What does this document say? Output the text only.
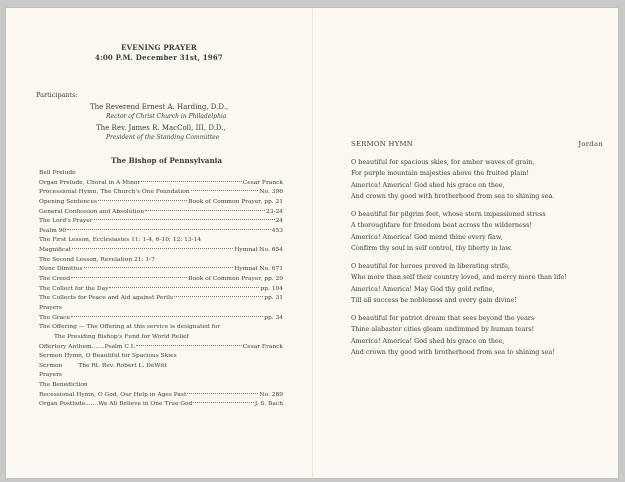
EVENING PRAYER
4:00 P.M. December 31st, 1967
Participants:
The Reverend Ernest A. Harding, D.D.,
Rector of Christ Church in Philadelphia
The Rev. James R. MacColl, III, D.D.,
President of the Standing Committee
The Bishop of Pennsylvania
Bell Prelude
Organ Prelude, Choral in A Minor	Cesar Franck
Processional Hymn, The Church's One Foundation	No. 396
Opening Sentences	Book of Common Prayer, pp. 21
General Confession and Absolution	23-24
The Lord's Prayer	24
Psalm 90	453
The First Lesson, Ecclesiastes 11: 1-4, 6-10; 12: 13-14
Magnificat	Hymnal No. 654
The Second Lesson, Revelation 21: 1-7
Nunc Dimittus	Hymnal No. 671
The Creed	Book of Common Prayer, pp. 29
The Collect for the Day	pp. 104
The Collects for Peace and Aid against Perils	pp. 31
Prayers
The Grace	pp. 34
The Offering — The Offering at this service is designated for
The Presiding Bishop's Fund for World Relief
Offertory Anthem.......Psalm C L	Cesar Franck
Sermon Hymn, O Beautiful for Spacious Skies
Sermon	The Rt. Rev. Robert L. DeWitt
Prayers
The Benediction
Recessional Hymn, O God, Our Help in Ages Past	No. 289
Organ Postlude.......We All Believe in One True God	J. S. Bach
SERMON HYMN	Jordan
O beautiful for spacious skies, for amber waves of grain,
For purple mountain majesties above the fruited plain!
America! America! God shed his grace on thee,
And crown thy good with brotherhood from sea to shining sea.
O beautiful for pilgrim feet, whose stern impassioned stress
A thoroughfare for freedom beat across the wilderness!
America! America! God mend thine every flaw,
Confirm thy soul in self control, thy liberty in law.
O beautiful for heroes proved in liberating strife,
Who more than self their country loved, and mercy more than life!
America! America! May God thy gold refine,
Till all success be nobleness and every gain divine!
O beautiful for patriot dream that sees beyond the years
Thine alabaster cities gleam undimmed by human tears!
America! America! God shed his grace on thee,
And crown thy good with brotherhood from sea to shining sea!
